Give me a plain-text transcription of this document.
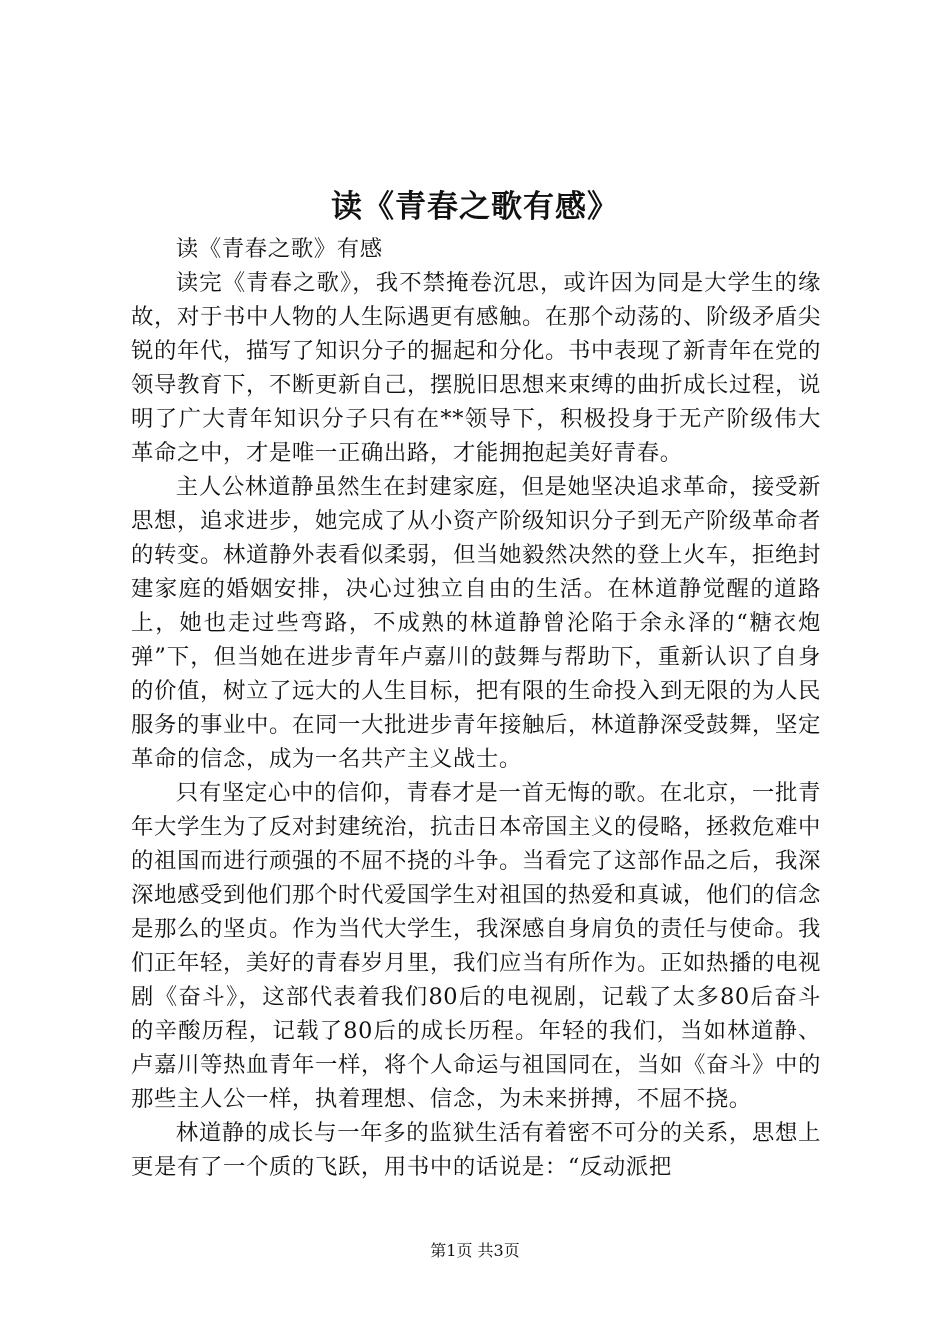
读《青春之歌有感》

读《青春之歌》有感

读完《青春之歌》，我不禁掩卷沉思，或许因为同是大学生的缘故，对于书中人物的人生际遇更有感触。在那个动荡的、阶级矛盾尖锐的年代，描写了知识分子的掘起和分化。书中表现了新青年在党的领导教育下，不断更新自己，摆脱旧思想来束缚的曲折成长过程，说明了广大青年知识分子只有在**领导下，积极投身于无产阶级伟大革命之中，才是唯一正确出路，才能拥抱起美好青春。

主人公林道静虽然生在封建家庭，但是她坚决追求革命，接受新思想，追求进步，她完成了从小资产阶级知识分子到无产阶级革命者的转变。林道静外表看似柔弱，但当她毅然决然的登上火车，拒绝封建家庭的婚姻安排，决心过独立自由的生活。在林道静觉醒的道路上，她也走过些弯路，不成熟的林道静曾沦陷于余永泽的“糖衣炮弹”下，但当她在进步青年卢嘉川的鼓舞与帮助下，重新认识了自身的价值，树立了远大的人生目标，把有限的生命投入到无限的为人民服务的事业中。在同一大批进步青年接触后，林道静深受鼓舞，坚定革命的信念，成为一名共产主义战士。

只有坚定心中的信仰，青春才是一首无悔的歌。在北京，一批青年大学生为了反对封建统治，抗击日本帝国主义的侵略，拯救危难中的祖国而进行顽强的不屈不挠的斗争。当看完了这部作品之后，我深深地感受到他们那个时代爱国学生对祖国的热爱和真诚，他们的信念是那么的坚贞。作为当代大学生，我深感自身肩负的责任与使命。我们正年轻，美好的青春岁月里，我们应当有所作为。正如热播的电视剧《奋斗》，这部代表着我们80后的电视剧，记载了太多80后奋斗的辛酸历程，记载了80后的成长历程。年轻的我们，当如林道静、卢嘉川等热血青年一样，将个人命运与祖国同在，当如《奋斗》中的那些主人公一样，执着理想、信念，为未来拼搏，不屈不挠。

林道静的成长与一年多的监狱生活有着密不可分的关系，思想上更是有了一个质的飞跃，用书中的话说是：“反动派把

第1页 共3页
